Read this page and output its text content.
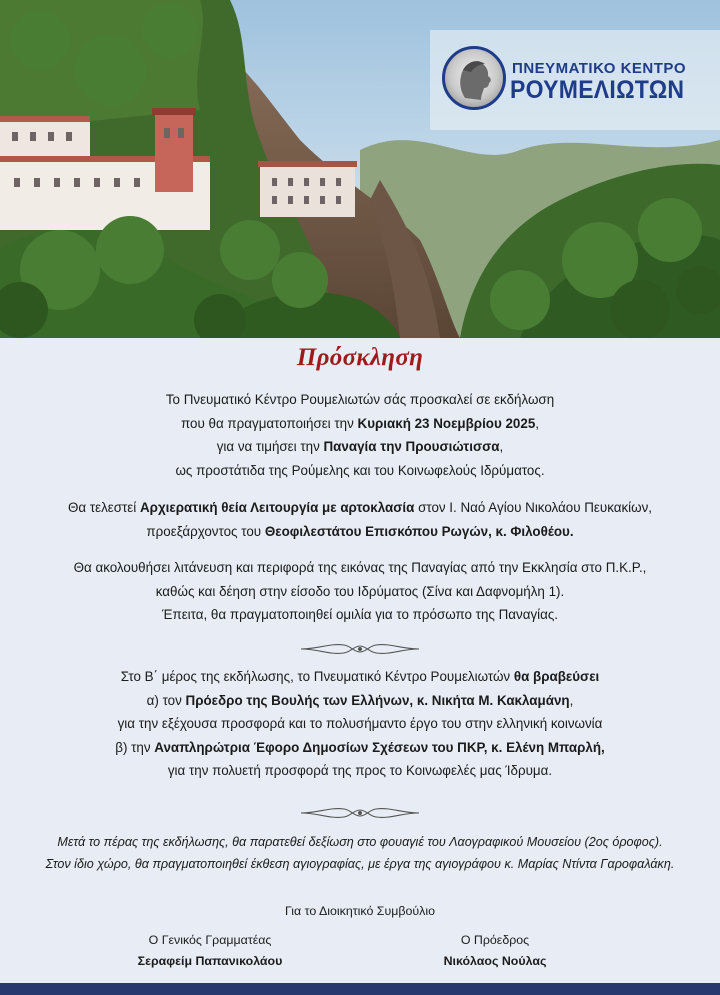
ΠΝΕΥΜΑΤΙΚΟ ΚΕΝΤΡΟ
ΡΟΥΜΕΛΙΩΤΩΝ
Πρόσκληση

Το Πνευματικό Κέντρο Ρουμελιωτών σάς προσκαλεί σε εκδήλωση

που θα πραγματοποιήσει την Κυριακή 23 Νοεμβρίου 2025,

για να τιμήσει την Παναγία την Προυσιώτισσα,

ως προστάτιδα της Ρούμελης και του Κοινωφελούς Ιδρύματος.

Θα τελεστεί Αρχιερατική θεία Λειτουργία με αρτοκλασία στον Ι. Ναό Αγίου Νικολάου Πευκακίων,

προεξάρχοντος του Θεοφιλεστάτου Επισκόπου Ρωγών, κ. Φιλοθέου.

Θα ακολουθήσει λιτάνευση και περιφορά της εικόνας της Παναγίας από την Εκκλησία στο Π.Κ.Ρ.,

καθώς και δέηση στην είσοδο του Ιδρύματος (Σίνα και Δαφνομήλη 1).

Έπειτα, θα πραγματοποιηθεί ομιλία για το πρόσωπο της Παναγίας.

Στο Β΄ μέρος της εκδήλωσης, το Πνευματικό Κέντρο Ρουμελιωτών θα βραβεύσει

α) τον Πρόεδρο της Βουλής των Ελλήνων, κ. Νικήτα Μ. Κακλαμάνη,

για την εξέχουσα προσφορά και το πολυσήμαντο έργο του στην ελληνική κοινωνία

β) την Αναπληρώτρια Έφορο Δημοσίων Σχέσεων του ΠΚΡ, κ. Ελένη Μπαρλή,

για την πολυετή προσφορά της προς το Κοινωφελές μας Ίδρυμα.

Μετά το πέρας της εκδήλωσης, θα παρατεθεί δεξίωση στο φουαγιέ του Λαογραφικού Μουσείου (2ος όροφος).

Στον ίδιο χώρο, θα πραγματοποιηθεί έκθεση αγιογραφίας, με έργα της αγιογράφου κ. Μαρίας Ντίντα Γαροφαλάκη.

Για το Διοικητικό Συμβούλιο
Ο Γενικός Γραμματέας
Σεραφείμ Παπανικολάου
Ο Πρόεδρος
Νικόλαος Νούλας
